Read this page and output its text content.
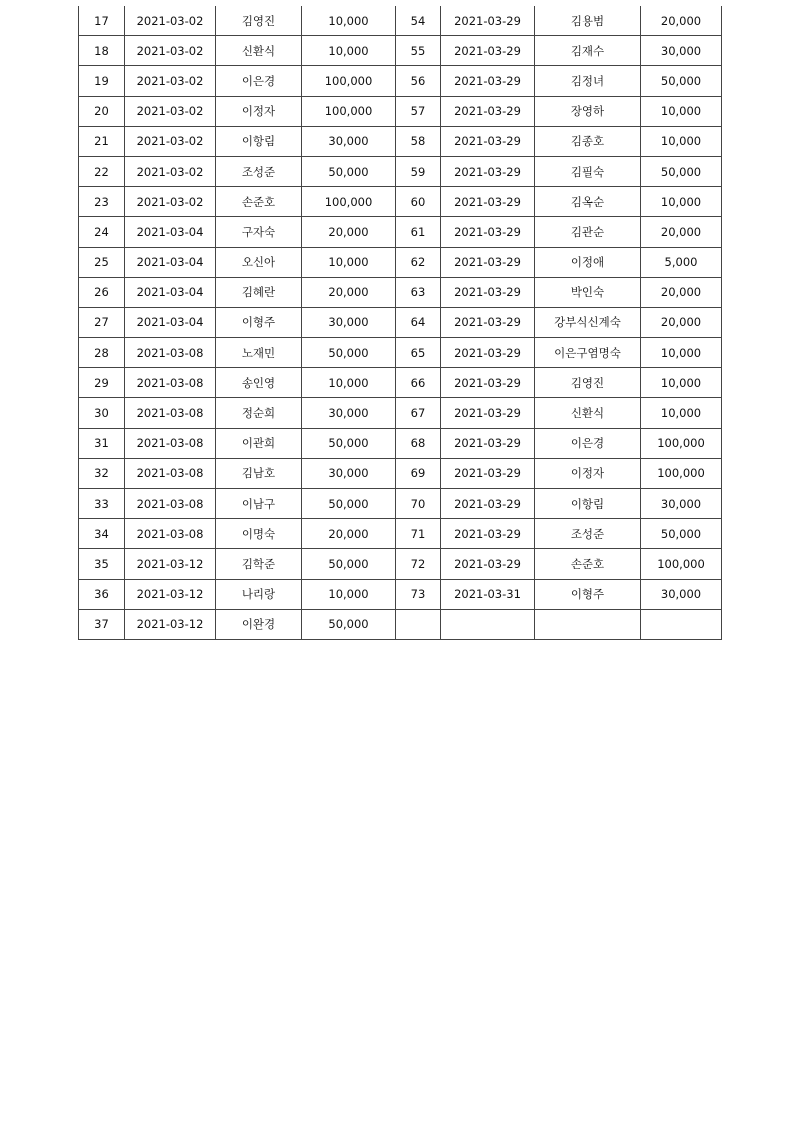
17	2021-03-02	김영진	10,000	54	2021-03-29	김용범	20,000
18	2021-03-02	신환식	10,000	55	2021-03-29	김재수	30,000
19	2021-03-02	이은경	100,000	56	2021-03-29	김정녀	50,000
20	2021-03-02	이정자	100,000	57	2021-03-29	장영하	10,000
21	2021-03-02	이항림	30,000	58	2021-03-29	김종호	10,000
22	2021-03-02	조성준	50,000	59	2021-03-29	김필숙	50,000
23	2021-03-02	손준호	100,000	60	2021-03-29	김옥순	10,000
24	2021-03-04	구자숙	20,000	61	2021-03-29	김관순	20,000
25	2021-03-04	오신아	10,000	62	2021-03-29	이정애	5,000
26	2021-03-04	김혜란	20,000	63	2021-03-29	박인숙	20,000
27	2021-03-04	이형주	30,000	64	2021-03-29	강부식신계숙	20,000
28	2021-03-08	노재민	50,000	65	2021-03-29	이은구염명숙	10,000
29	2021-03-08	송인영	10,000	66	2021-03-29	김영진	10,000
30	2021-03-08	정순희	30,000	67	2021-03-29	신환식	10,000
31	2021-03-08	이관희	50,000	68	2021-03-29	이은경	100,000
32	2021-03-08	김남호	30,000	69	2021-03-29	이정자	100,000
33	2021-03-08	이남구	50,000	70	2021-03-29	이항림	30,000
34	2021-03-08	이명숙	20,000	71	2021-03-29	조성준	50,000
35	2021-03-12	김학준	50,000	72	2021-03-29	손준호	100,000
36	2021-03-12	나리랑	10,000	73	2021-03-31	이형주	30,000
37	2021-03-12	이완경	50,000				
